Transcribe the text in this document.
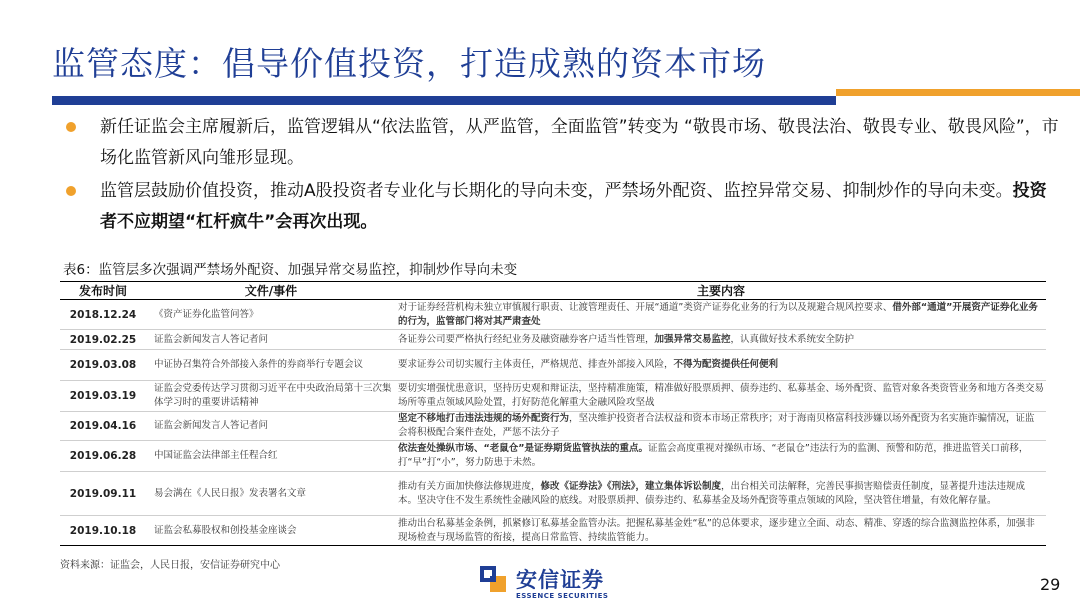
监管态度：倡导价值投资，打造成熟的资本市场
新任证监会主席履新后，监管逻辑从“依法监管，从严监管，全面监管”转变为 “敬畏市场、敬畏法治、敬畏专业、敬畏风险”，市场化监管新风向雏形显现。
监管层鼓励价值投资，推动A股投资者专业化与长期化的导向未变，严禁场外配资、监控异常交易、抑制炒作的导向未变。投资者不应期望“杠杆疯牛”会再次出现。
表6：监管层多次强调严禁场外配资、加强异常交易监控，抑制炒作导向未变
发布时间	文件/事件	主要内容
2018.12.24	《资产证券化监管问答》	对于证券经营机构未独立审慎履行职责、让渡管理责任、开展“通道”类资产证券化业务的行为以及规避合规风控要求、借外部“通道”开展资产证券化业务的行为，监管部门将对其严肃查处
2019.02.25	证监会新闻发言人答记者问	各证券公司要严格执行经纪业务及融资融券客户适当性管理，加强异常交易监控，认真做好技术系统安全防护
2019.03.08	中证协召集符合外部接入条件的券商举行专题会议	要求证券公司切实履行主体责任，严格规范、排查外部接入风险，不得为配资提供任何便利
2019.03.19	证监会党委传达学习贯彻习近平在中央政治局第十三次集体学习时的重要讲话精神	要切实增强忧患意识，坚持历史观和辩证法，坚持精准施策，精准做好股票质押、债券违约、私募基金、场外配资、监管对象各类资管业务和地方各类交易场所等重点领域风险处置，打好防范化解重大金融风险攻坚战
2019.04.16	证监会新闻发言人答记者问	坚定不移地打击违法违规的场外配资行为，坚决维护投资者合法权益和资本市场正常秩序；对于海南贝格富科技涉嫌以场外配资为名实施诈骗情况，证监会将积极配合案件查处，严惩不法分子
2019.06.28	中国证监会法律部主任程合红	依法查处操纵市场、“老鼠仓”是证券期货监管执法的重点。证监会高度重视对操纵市场、“老鼠仓”违法行为的监测、预警和防范，推进监管关口前移，打“早”打“小”，努力防患于未然。
2019.09.11	易会满在《人民日报》发表署名文章	推动有关方面加快修法修规进度，修改《证券法》《刑法》，建立集体诉讼制度，出台相关司法解释，完善民事损害赔偿责任制度，显著提升违法违规成本。坚决守住不发生系统性金融风险的底线。对股票质押、债券违约、私募基金及场外配资等重点领域的风险，坚决管住增量，有效化解存量。
2019.10.18	证监会私募股权和创投基金座谈会	推动出台私募基金条例，抓紧修订私募基金监管办法。把握私募基金姓“私”的总体要求，逐步建立全面、动态、精准、穿透的综合监测监控体系，加强非现场检查与现场监管的衔接，提高日常监管、持续监管能力。
资料来源：证监会，人民日报，安信证券研究中心
安信证券
ESSENCE SECURITIES
29
